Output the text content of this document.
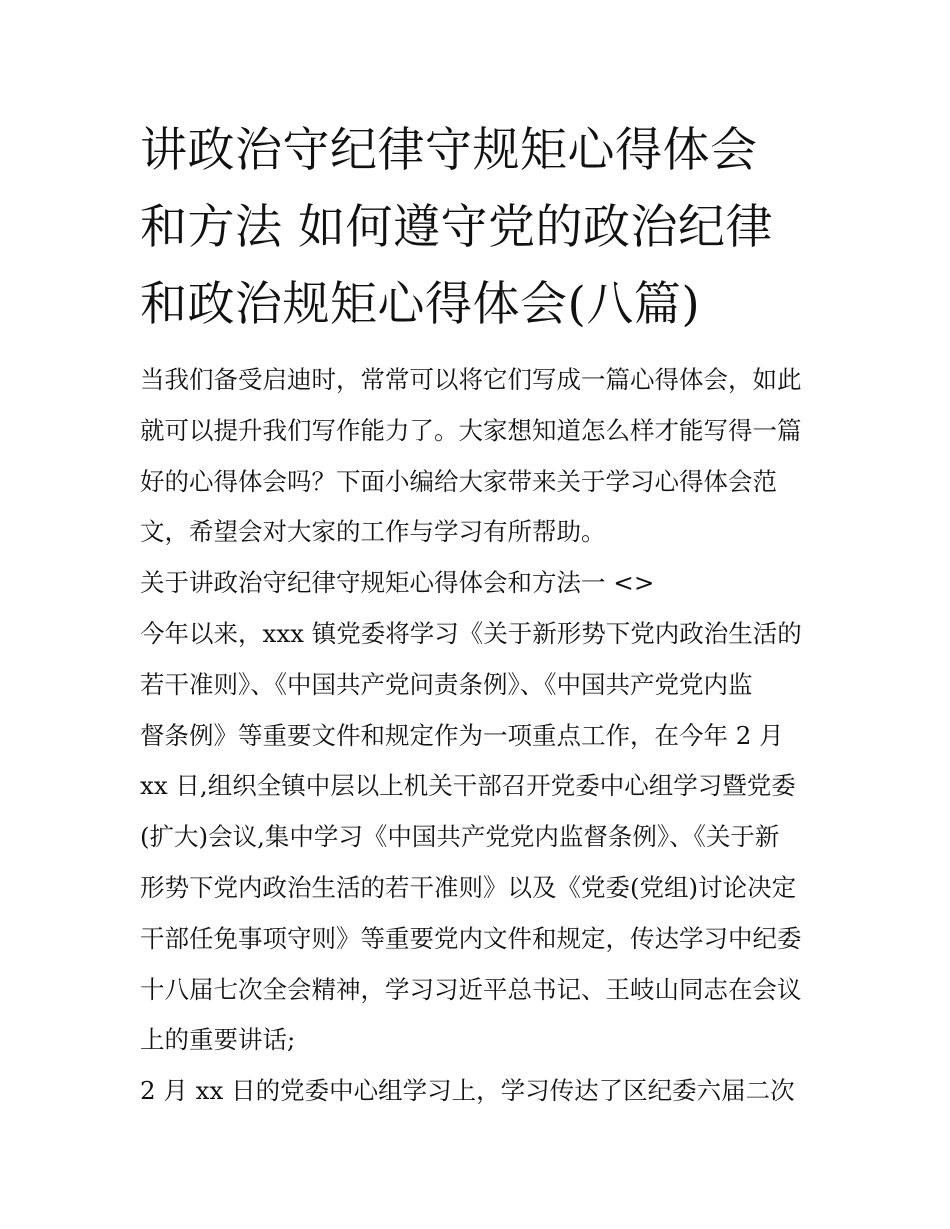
讲政治守纪律守规矩心得体会
和方法 如何遵守党的政治纪律
和政治规矩心得体会(八篇)
当我们备受启迪时，常常可以将它们写成一篇心得体会，如此
就可以提升我们写作能力了。大家想知道怎么样才能写得一篇
好的心得体会吗？下面小编给大家带来关于学习心得体会范
文，希望会对大家的工作与学习有所帮助。
关于讲政治守纪律守规矩心得体会和方法一 <>
今年以来，xxx 镇党委将学习《关于新形势下党内政治生活的
若干准则》、《中国共产党问责条例》、《中国共产党党内监
督条例》等重要文件和规定作为一项重点工作，在今年 2 月
xx 日,组织全镇中层以上机关干部召开党委中心组学习暨党委
(扩大)会议,集中学习《中国共产党党内监督条例》、《关于新
形势下党内政治生活的若干准则》以及《党委(党组)讨论决定
干部任免事项守则》等重要党内文件和规定，传达学习中纪委
十八届七次全会精神，学习习近平总书记、王岐山同志在会议
上的重要讲话;
2 月 xx 日的党委中心组学习上，学习传达了区纪委六届二次
